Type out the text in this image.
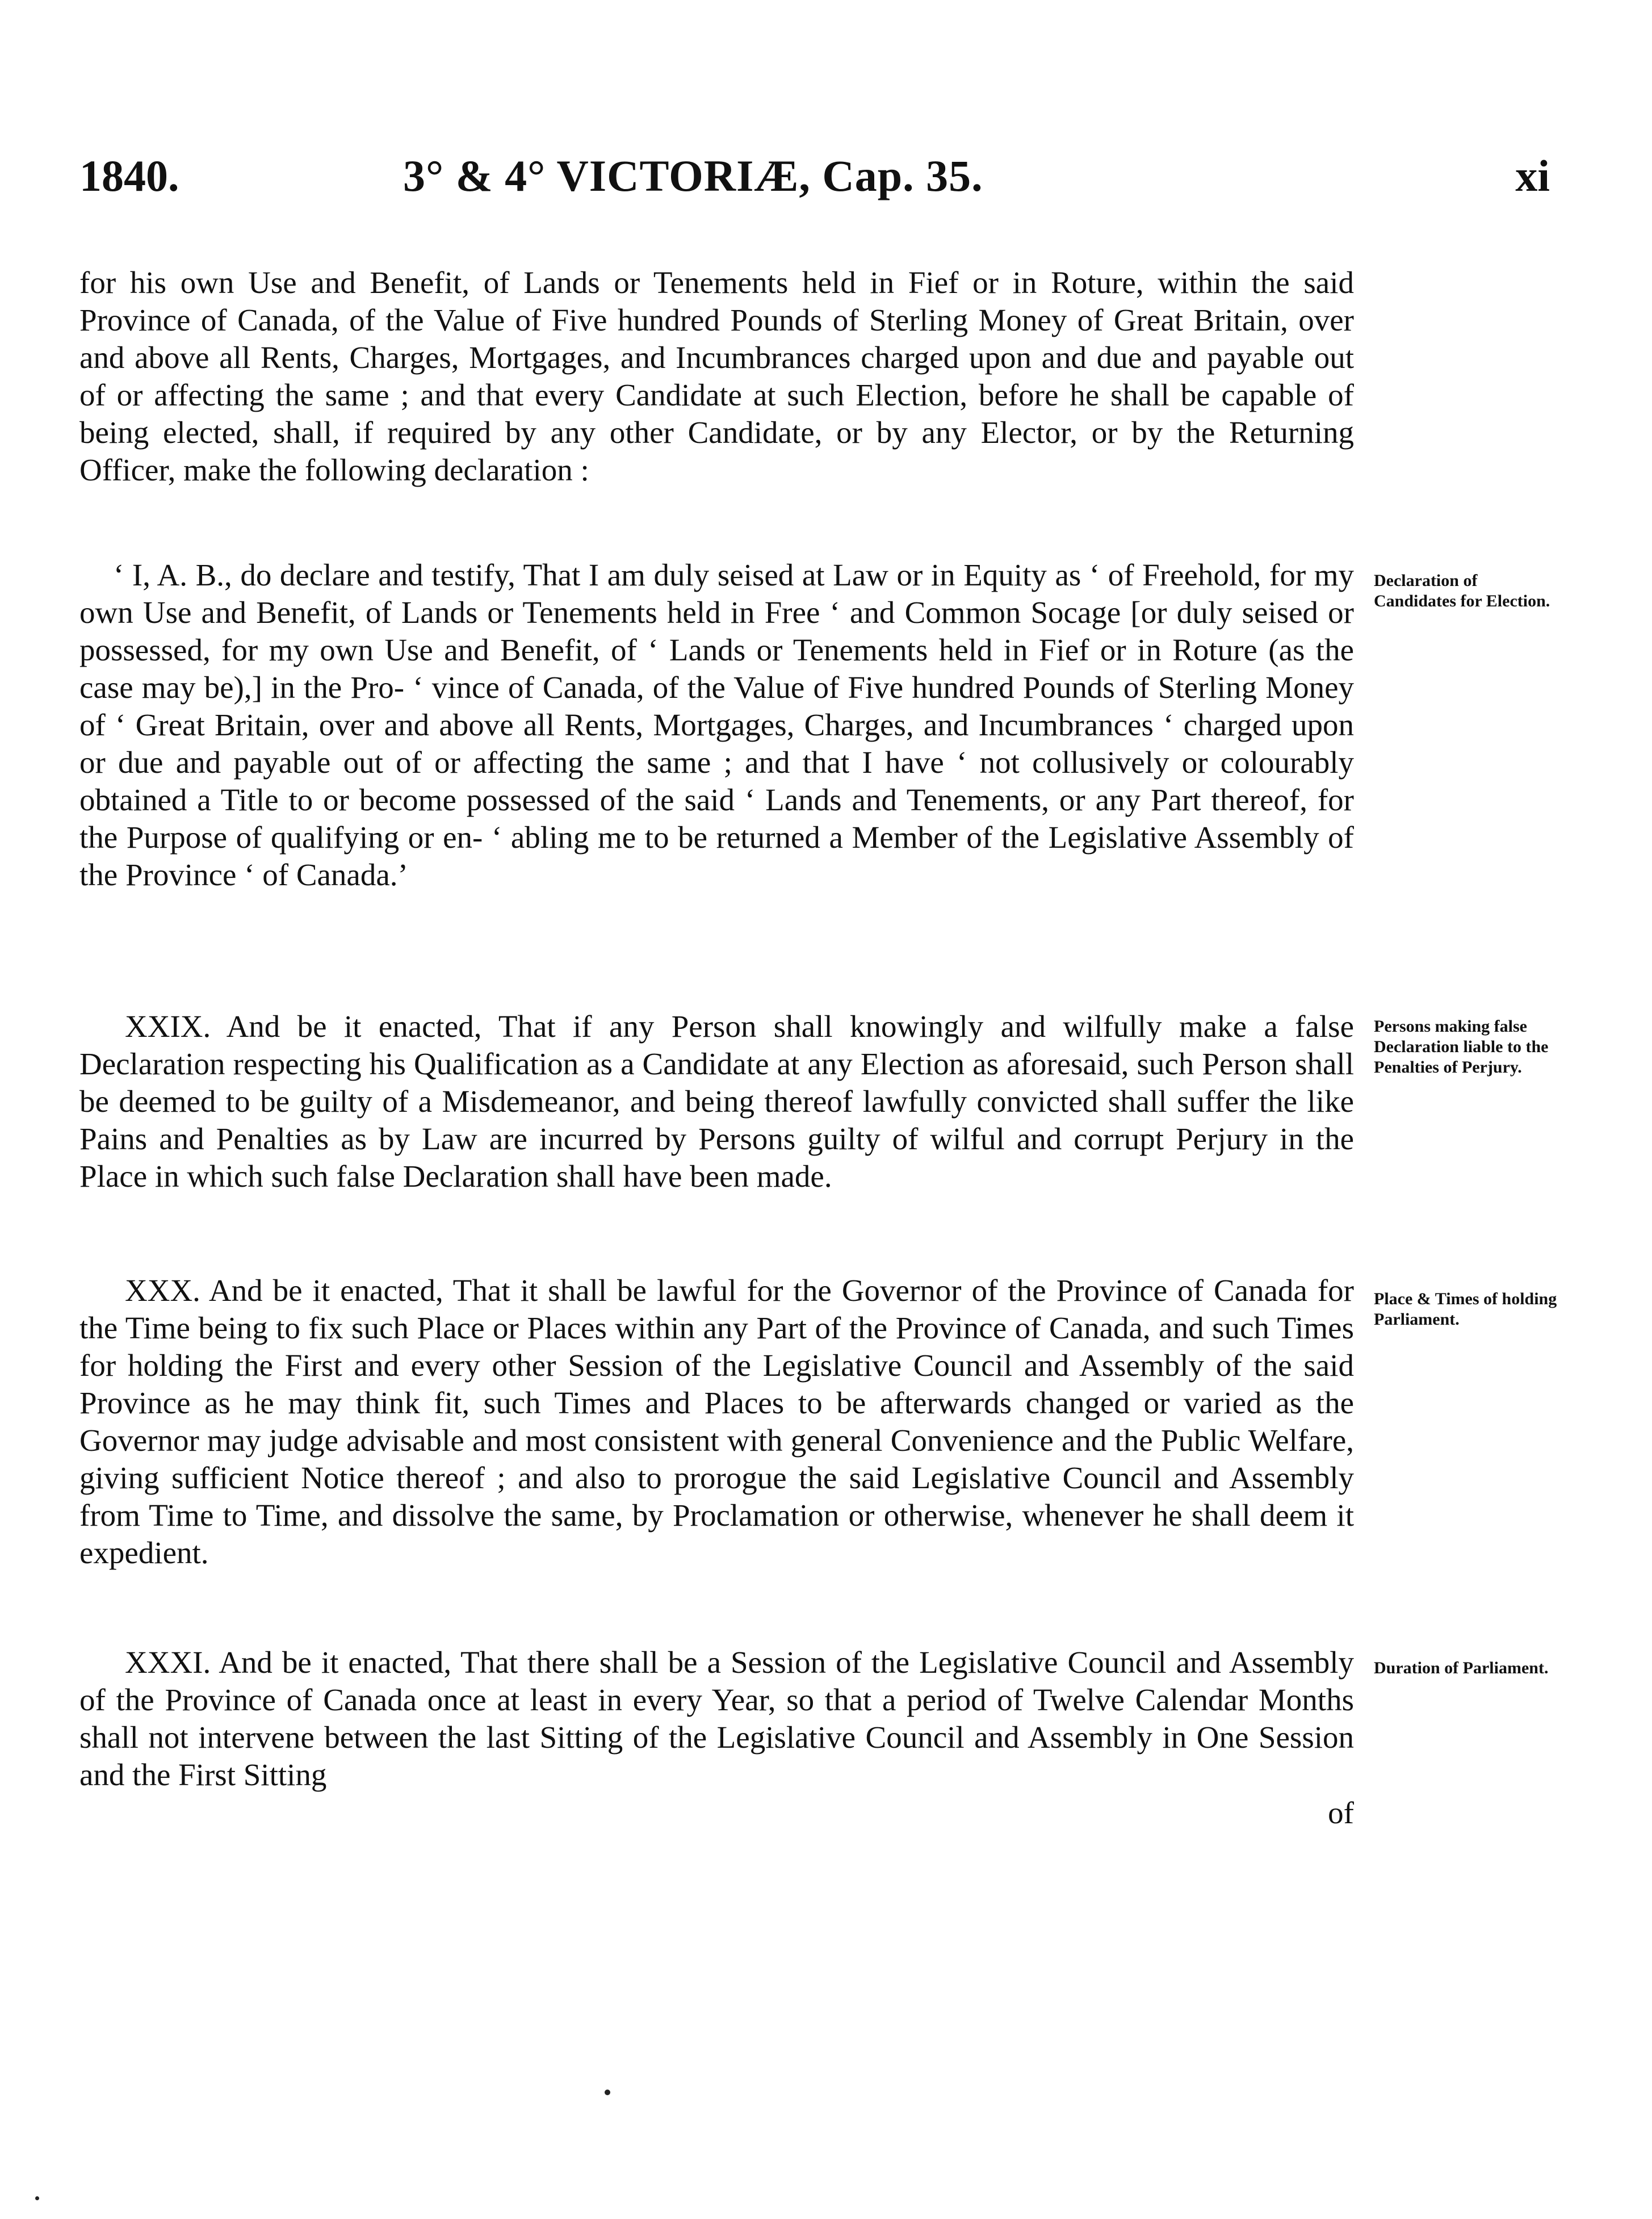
1840.	3° & 4° VICTORIÆ, Cap. 35.	xi

for his own Use and Benefit, of Lands or Tenements held in Fief or in Roture, within the said Province of Canada, of the Value of Five hundred Pounds of Sterling Money of Great Britain, over and above all Rents, Charges, Mortgages, and Incumbrances charged upon and due and payable out of or affecting the same ; and that every Candidate at such Election, before he shall be capable of being elected, shall, if required by any other Candidate, or by any Elector, or by the Returning Officer, make the following declaration :

‘ I, A. B., do declare and testify, That I am duly seised at Law or in Equity as ‘ of Freehold, for my own Use and Benefit, of Lands or Tenements held in Free ‘ and Common Socage [or duly seised or possessed, for my own Use and Benefit, of ‘ Lands or Tenements held in Fief or in Roture (as the case may be),] in the Pro- ‘ vince of Canada, of the Value of Five hundred Pounds of Sterling Money of ‘ Great Britain, over and above all Rents, Mortgages, Charges, and Incumbrances ‘ charged upon or due and payable out of or affecting the same ; and that I have ‘ not collusively or colourably obtained a Title to or become possessed of the said ‘ Lands and Tenements, or any Part thereof, for the Purpose of qualifying or en- ‘ abling me to be returned a Member of the Legislative Assembly of the Province ‘ of Canada.’

XXIX. And be it enacted, That if any Person shall knowingly and wilfully make a false Declaration respecting his Qualification as a Candidate at any Election as aforesaid, such Person shall be deemed to be guilty of a Misdemeanor, and being thereof lawfully convicted shall suffer the like Pains and Penalties as by Law are incurred by Persons guilty of wilful and corrupt Perjury in the Place in which such false Declaration shall have been made.

XXX. And be it enacted, That it shall be lawful for the Governor of the Province of Canada for the Time being to fix such Place or Places within any Part of the Province of Canada, and such Times for holding the First and every other Session of the Legislative Council and Assembly of the said Province as he may think fit, such Times and Places to be afterwards changed or varied as the Governor may judge advisable and most consistent with general Convenience and the Public Welfare, giving sufficient Notice thereof ; and also to prorogue the said Legislative Council and Assembly from Time to Time, and dissolve the same, by Proclamation or otherwise, whenever he shall deem it expedient.

XXXI. And be it enacted, That there shall be a Session of the Legislative Council and Assembly of the Province of Canada once at least in every Year, so that a period of Twelve Calendar Months shall not intervene between the last Sitting of the Legislative Council and Assembly in One Session and the First Sitting

of
Declaration of Candidates for Election.
Persons making false Declaration liable to the Penalties of Perjury.
Place & Times of holding Parliament.
Duration of Parliament.
